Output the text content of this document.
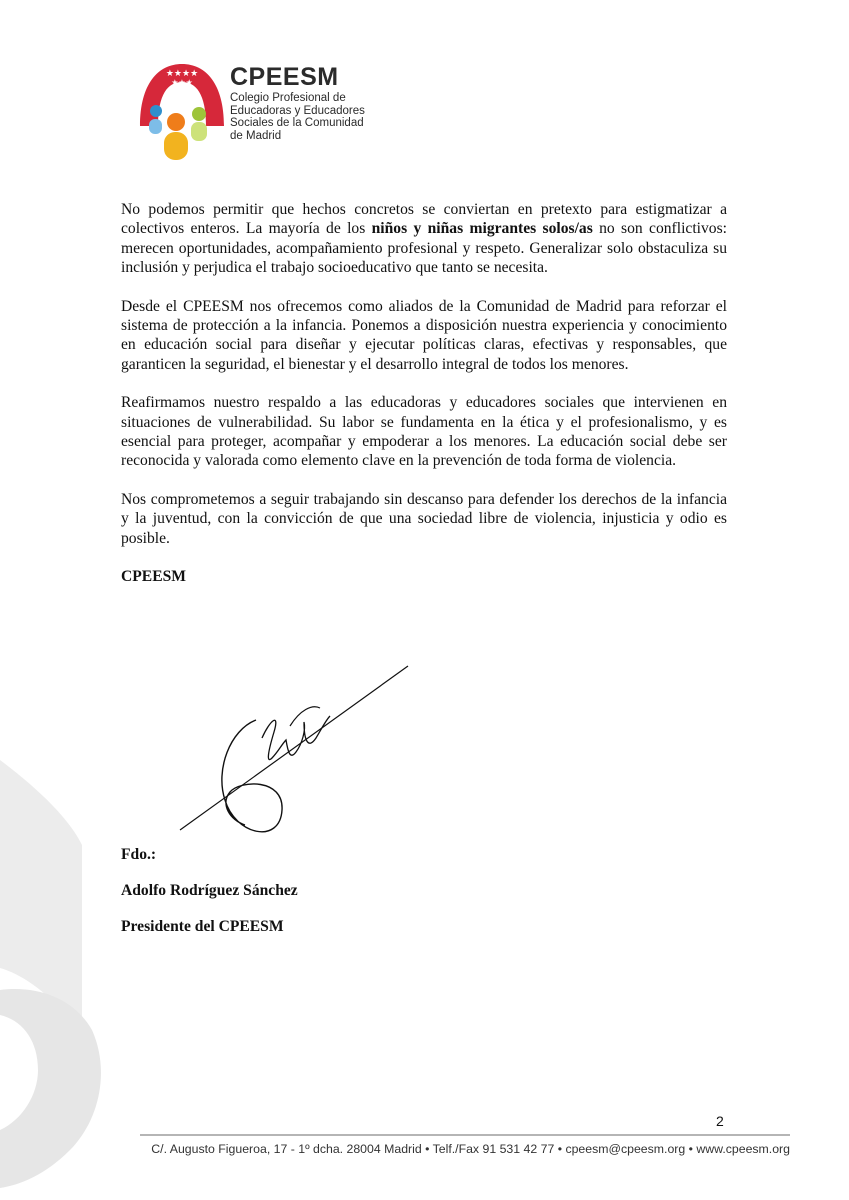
★★★★
★★★ CPEESM
Colegio Profesional de
Educadoras y Educadores
Sociales de la Comunidad
de Madrid

No podemos permitir que hechos concretos se conviertan en pretexto para estigmatizar a colectivos enteros. La mayoría de los niños y niñas migrantes solos/as no son conflictivos: merecen oportunidades, acompañamiento profesional y respeto. Generalizar solo obstaculiza su inclusión y perjudica el trabajo socioeducativo que tanto se necesita.

Desde el CPEESM nos ofrecemos como aliados de la Comunidad de Madrid para reforzar el sistema de protección a la infancia. Ponemos a disposición nuestra experiencia y conocimiento en educación social para diseñar y ejecutar políticas claras, efectivas y responsables, que garanticen la seguridad, el bienestar y el desarrollo integral de todos los menores.

Reafirmamos nuestro respaldo a las educadoras y educadores sociales que intervienen en situaciones de vulnerabilidad. Su labor se fundamenta en la ética y el profesionalismo, y es esencial para proteger, acompañar y empoderar a los menores. La educación social debe ser reconocida y valorada como elemento clave en la prevención de toda forma de violencia.

Nos comprometemos a seguir trabajando sin descanso para defender los derechos de la infancia y la juventud, con la convicción de que una sociedad libre de violencia, injusticia y odio es posible.

CPEESM
Fdo.:
Adolfo Rodríguez Sánchez
Presidente del CPEESM
2
C/. Augusto Figueroa, 17 - 1º dcha. 28004 Madrid • Telf./Fax 91 531 42 77 • cpeesm@cpeesm.org • www.cpeesm.org
